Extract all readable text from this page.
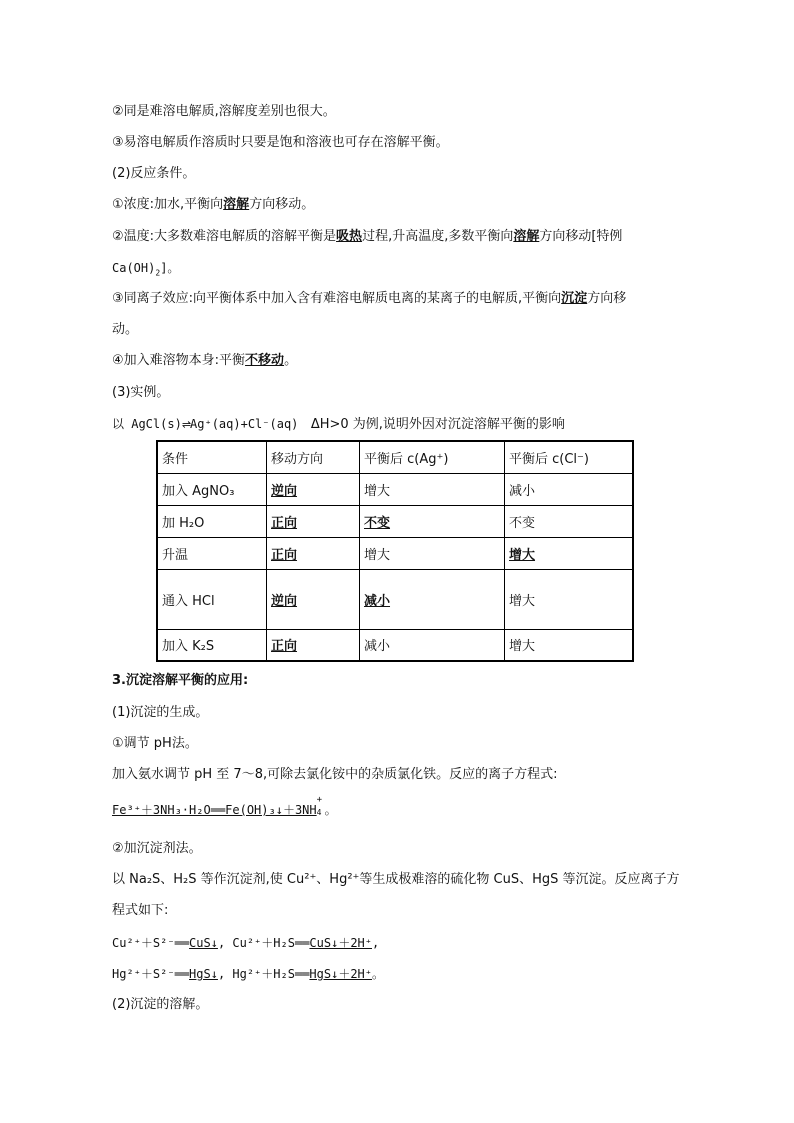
②同是难溶电解质,溶解度差别也很大。
③易溶电解质作溶质时只要是饱和溶液也可存在溶解平衡。
(2)反应条件。
①浓度:加水,平衡向溶解方向移动。
②温度:大多数难溶电解质的溶解平衡是吸热过程,升高温度,多数平衡向溶解方向移动[特例
$Ca(OH)_2$]。
③同离子效应:向平衡体系中加入含有难溶电解质电离的某离子的电解质,平衡向沉淀方向移
动。
④加入难溶物本身:平衡不移动。
(3)实例。
以 AgCl(s)⇌Ag⁺(aq)+Cl⁻(aq) ΔH>0 为例,说明外因对沉淀溶解平衡的影响
条件	移动方向	平衡后 c(Ag⁺)	平衡后 c(Cl⁻)
加入 AgNO₃	逆向	增大	减小
加 H₂O	正向	不变	不变
升温	正向	增大	增大
通入 HCl	逆向	减小	增大
加入 K₂S	正向	减小	增大
3.沉淀溶解平衡的应用:
(1)沉淀的生成。
①调节 pH法。
加入氨水调节 pH 至 7～8,可除去氯化铵中的杂质氯化铁。反应的离子方程式:
Fe³⁺＋3NH₃·H₂O══Fe(OH)₃↓＋3NH
+
4 。
②加沉淀剂法。
以 Na₂S、H₂S 等作沉淀剂,使 Cu²⁺、Hg²⁺等生成极难溶的硫化物 CuS、HgS 等沉淀。反应离子方
程式如下:
Cu²⁺＋S²⁻══CuS↓, Cu²⁺＋H₂S══CuS↓＋2H⁺,
Hg²⁺＋S²⁻══HgS↓, Hg²⁺＋H₂S══HgS↓＋2H⁺。
(2)沉淀的溶解。
